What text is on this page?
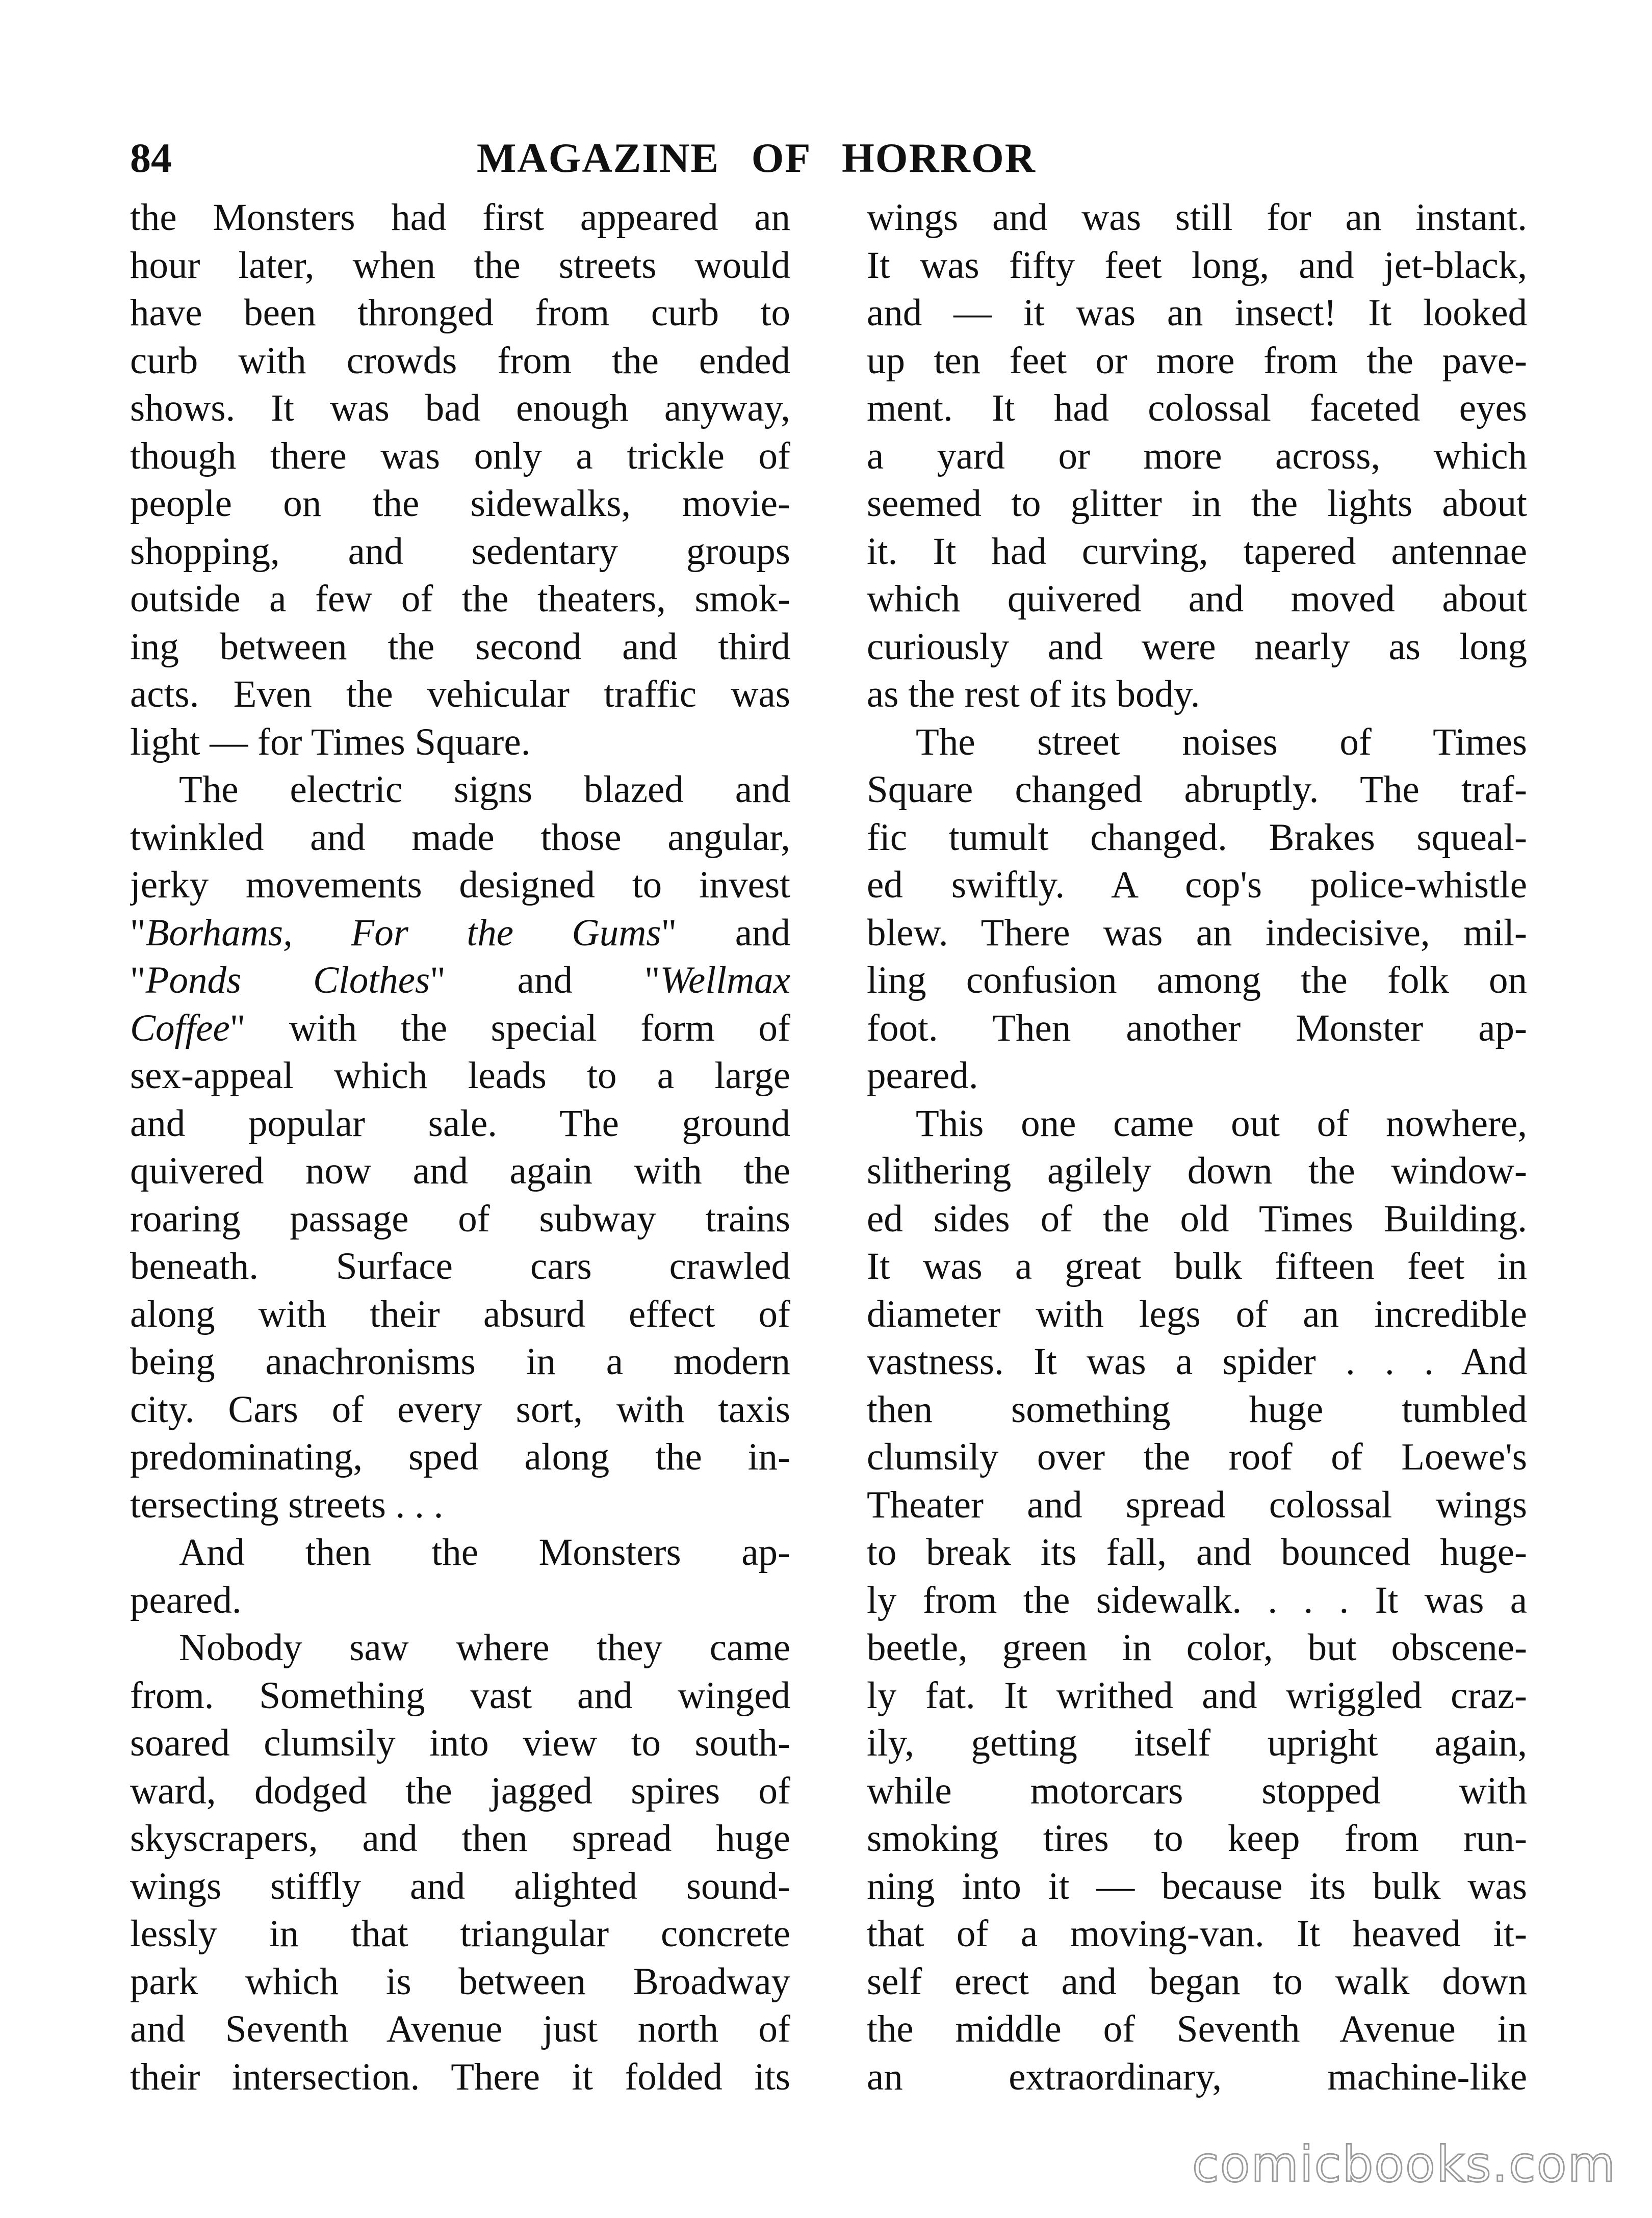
84	MAGAZINE OF HORROR
the Monsters had first appeared an
hour later, when the streets would
have been thronged from curb to
curb with crowds from the ended
shows. It was bad enough anyway,
though there was only a trickle of
people on the sidewalks, movie-
shopping, and sedentary groups
outside a few of the theaters, smok-
ing between the second and third
acts. Even the vehicular traffic was
light — for Times Square.
The electric signs blazed and
twinkled and made those angular,
jerky movements designed to invest
"Borhams, For the Gums" and
"Ponds Clothes" and "Wellmax
Coffee" with the special form of
sex-appeal which leads to a large
and popular sale. The ground
quivered now and again with the
roaring passage of subway trains
beneath. Surface cars crawled
along with their absurd effect of
being anachronisms in a modern
city. Cars of every sort, with taxis
predominating, sped along the in-
tersecting streets . . .
And then the Monsters ap-
peared.
Nobody saw where they came
from. Something vast and winged
soared clumsily into view to south-
ward, dodged the jagged spires of
skyscrapers, and then spread huge
wings stiffly and alighted sound-
lessly in that triangular concrete
park which is between Broadway
and Seventh Avenue just north of
their intersection. There it folded its
wings and was still for an instant.
It was fifty feet long, and jet-black,
and — it was an insect! It looked
up ten feet or more from the pave-
ment. It had colossal faceted eyes
a yard or more across, which
seemed to glitter in the lights about
it. It had curving, tapered antennae
which quivered and moved about
curiously and were nearly as long
as the rest of its body.
The street noises of Times
Square changed abruptly. The traf-
fic tumult changed. Brakes squeal-
ed swiftly. A cop's police-whistle
blew. There was an indecisive, mil-
ling confusion among the folk on
foot. Then another Monster ap-
peared.
This one came out of nowhere,
slithering agilely down the window-
ed sides of the old Times Building.
It was a great bulk fifteen feet in
diameter with legs of an incredible
vastness. It was a spider . . . And
then something huge tumbled
clumsily over the roof of Loewe's
Theater and spread colossal wings
to break its fall, and bounced huge-
ly from the sidewalk. . . . It was a
beetle, green in color, but obscene-
ly fat. It writhed and wriggled craz-
ily, getting itself upright again,
while motorcars stopped with
smoking tires to keep from run-
ning into it — because its bulk was
that of a moving-van. It heaved it-
self erect and began to walk down
the middle of Seventh Avenue in
an extraordinary, machine-like
comicbooks.com
